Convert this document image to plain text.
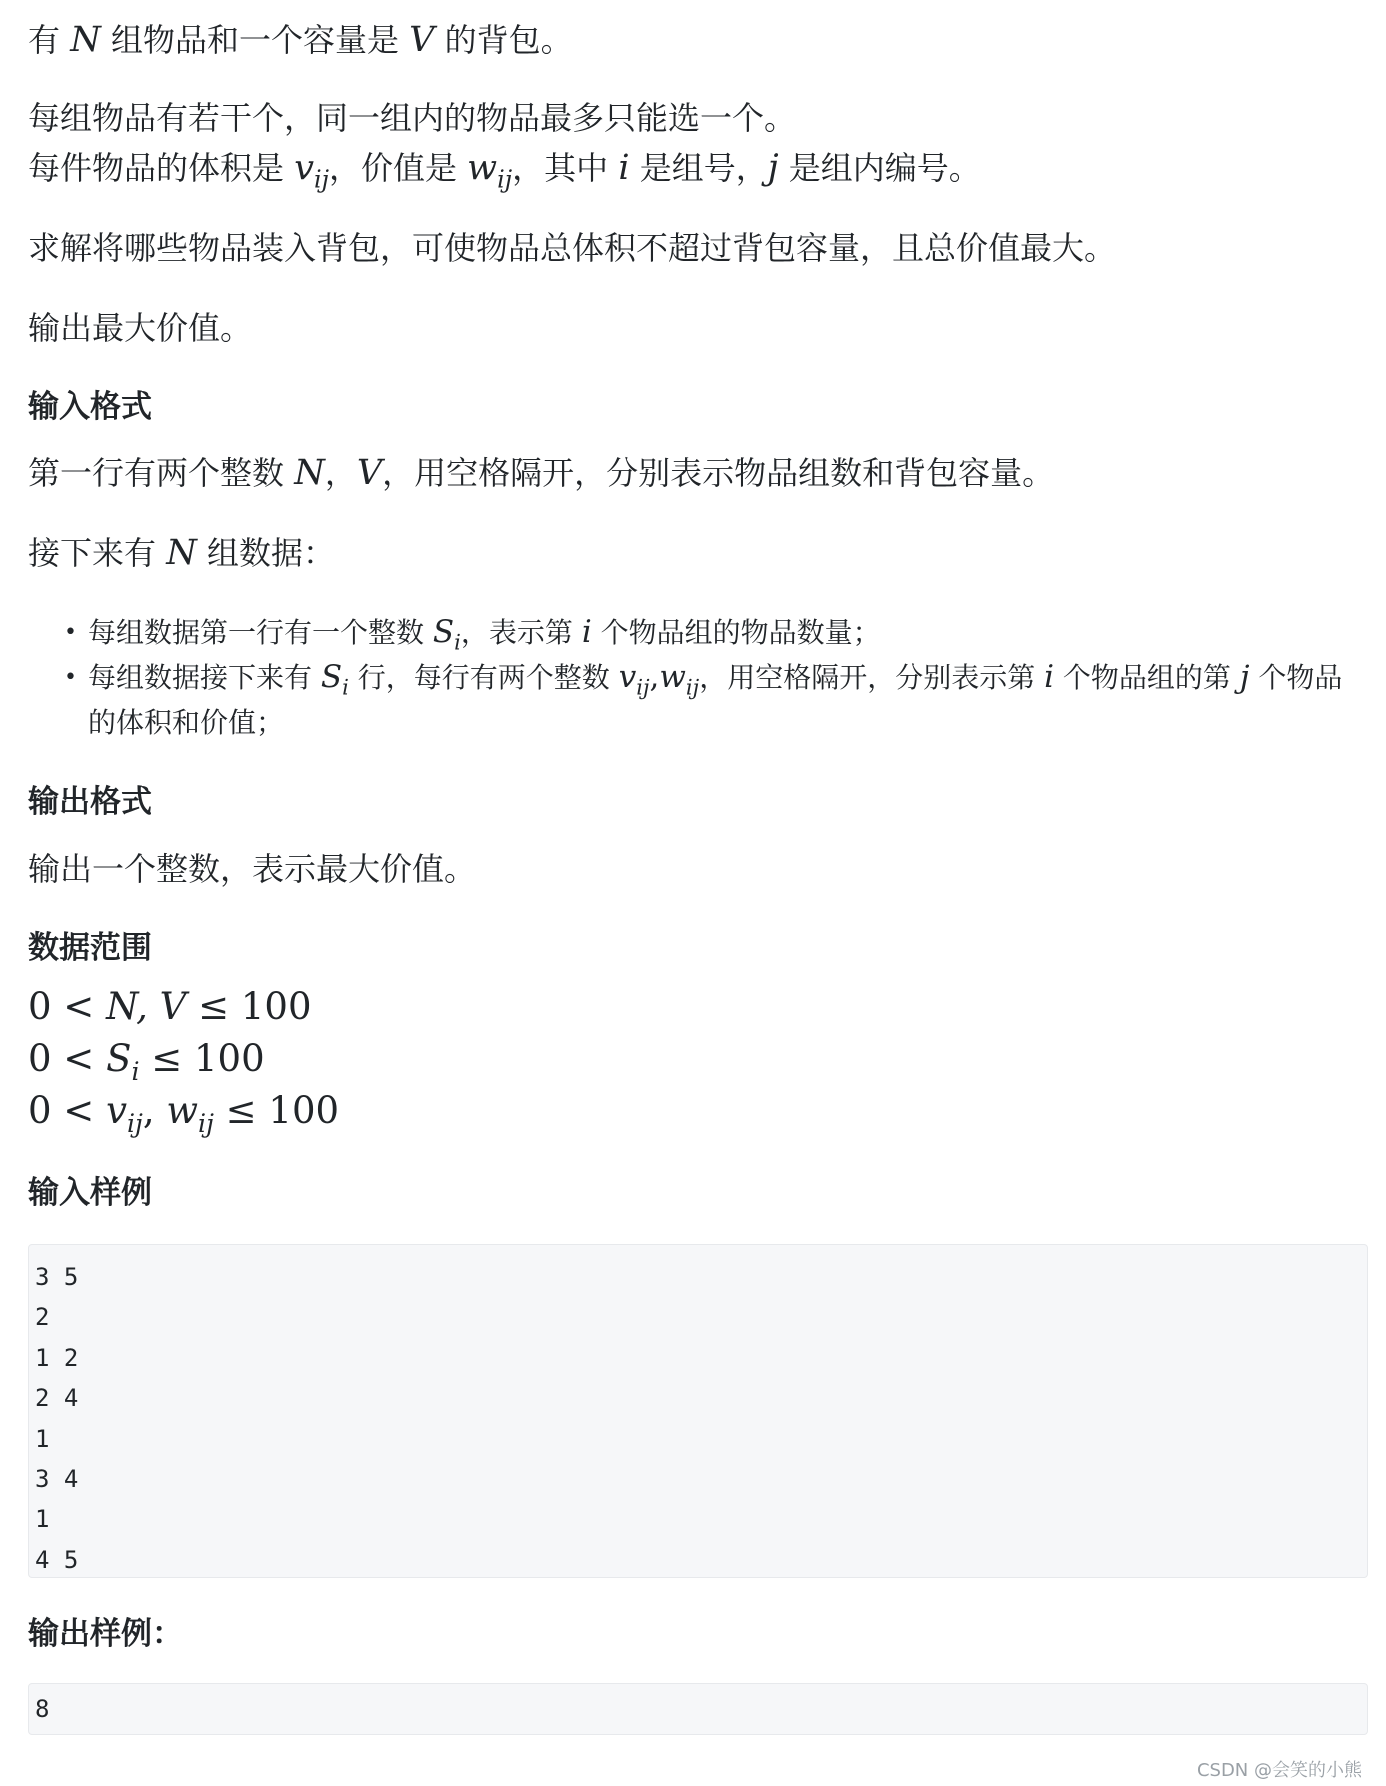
有 N 组物品和一个容量是 V 的背包。

每组物品有若干个，同一组内的物品最多只能选一个。

每件物品的体积是 $v_{ij}$，价值是 $w_{ij}$，其中 i 是组号，j 是组内编号。

求解将哪些物品装入背包，可使物品总体积不超过背包容量，且总价值最大。

输出最大价值。

输入格式

第一行有两个整数 N，V，用空格隔开，分别表示物品组数和背包容量。

接下来有 N 组数据：

• 每组数据第一行有一个整数 $S_i$，表示第 i 个物品组的物品数量；
• 每组数据接下来有 $S_i$ 行，每行有两个整数 $v_{ij},w_{ij}$，用空格隔开，分别表示第 i 个物品组的第 j 个物品
的体积和价值；

输出格式

输出一个整数，表示最大价值。

数据范围

0 < N, V ≤ 100

$0 < S_i \le 100$

$0 < v_{ij}$, $w_{ij} \le 100$

输入样例

3 5
2
1 2
2 4
1
3 4
1
4 5

输出样例：

8
CSDN @会笑的小熊
